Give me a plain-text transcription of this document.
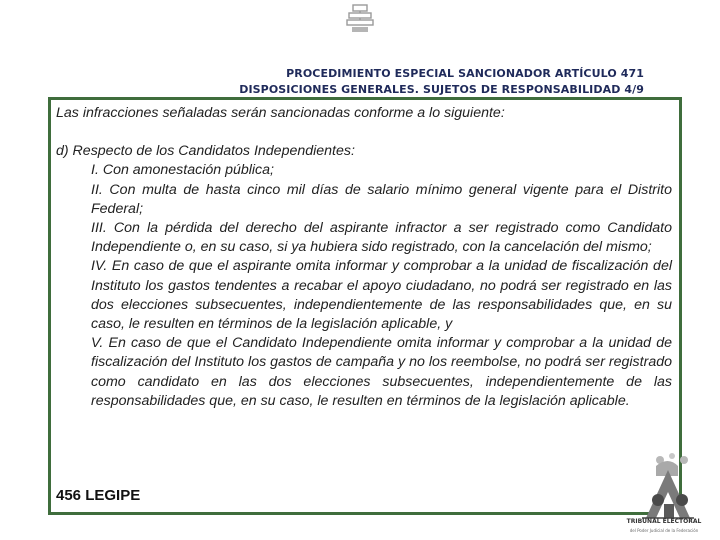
PROCEDIMIENTO ESPECIAL SANCIONADOR ARTÍCULO 471
DISPOSICIONES GENERALES. SUJETOS DE RESPONSABILIDAD 4/9

Las infracciones señaladas serán sancionadas conforme a lo siguiente:

d) Respecto de los Candidatos Independientes:

I. Con amonestación pública;

II. Con multa de hasta cinco mil días de salario mínimo general vigente para el Distrito Federal;

III. Con la pérdida del derecho del aspirante infractor a ser registrado como Candidato Independiente o, en su caso, si ya hubiera sido registrado, con la cancelación del mismo;

IV. En caso de que el aspirante omita informar y comprobar a la unidad de fiscalización del Instituto los gastos tendentes a recabar el apoyo ciudadano, no podrá ser registrado en las dos elecciones subsecuentes, independientemente de las responsabilidades que, en su caso, le resulten en términos de la legislación aplicable, y

V. En caso de que el Candidato Independiente omita informar y comprobar a la unidad de fiscalización del Instituto los gastos de campaña y no los reembolse, no podrá ser registrado como candidato en las dos elecciones subsecuentes, independientemente de las responsabilidades que, en su caso, le resulten en términos de la legislación aplicable.

456 LEGIPE
TRIBUNAL ELECTORAL
del Poder Judicial de la Federación
